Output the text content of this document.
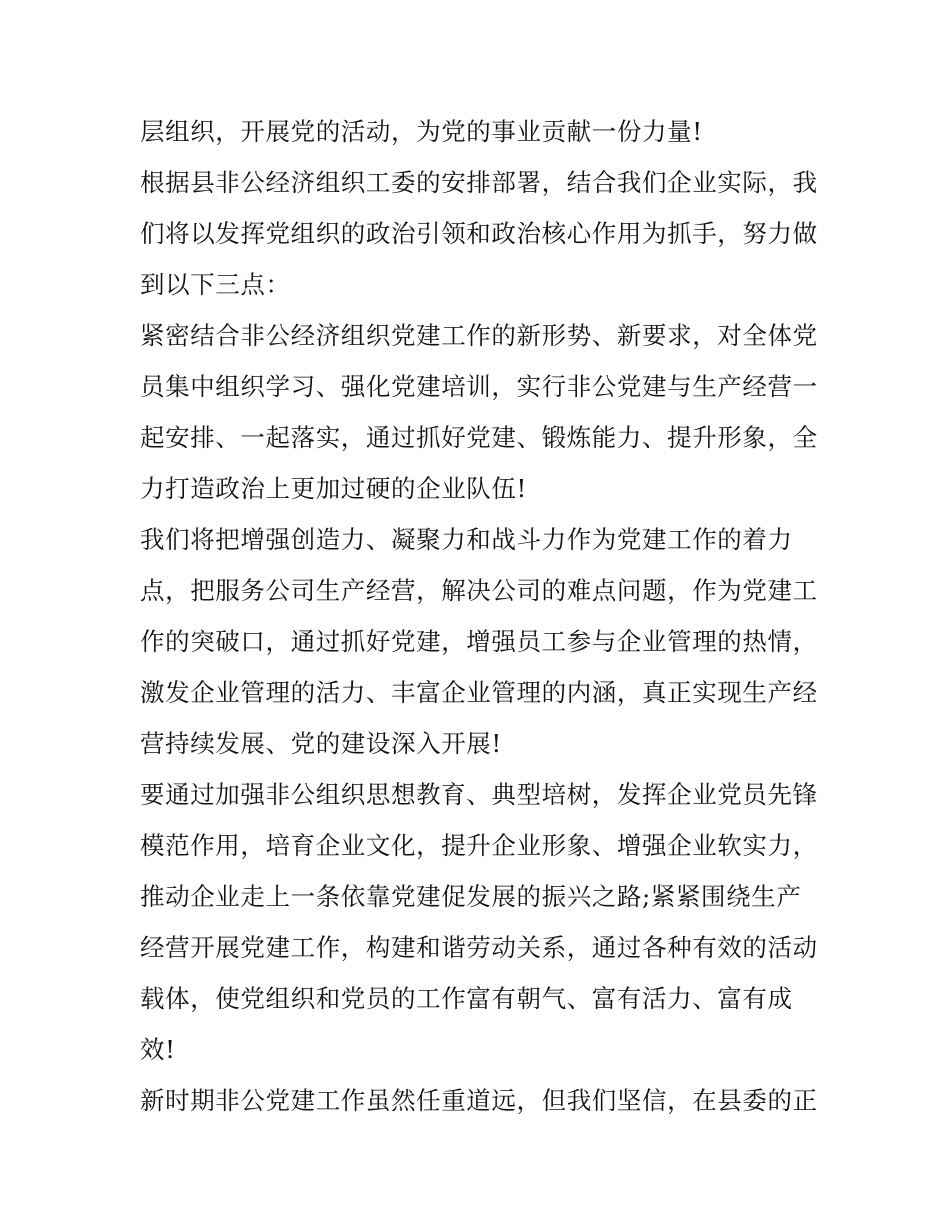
层组织，开展党的活动，为党的事业贡献一份力量!
根据县非公经济组织工委的安排部署，结合我们企业实际，我
们将以发挥党组织的政治引领和政治核心作用为抓手，努力做
到以下三点：
紧密结合非公经济组织党建工作的新形势、新要求，对全体党
员集中组织学习、强化党建培训，实行非公党建与生产经营一
起安排、一起落实，通过抓好党建、锻炼能力、提升形象，全
力打造政治上更加过硬的企业队伍!
我们将把增强创造力、凝聚力和战斗力作为党建工作的着力
点，把服务公司生产经营，解决公司的难点问题，作为党建工
作的突破口，通过抓好党建，增强员工参与企业管理的热情，
激发企业管理的活力、丰富企业管理的内涵，真正实现生产经
营持续发展、党的建设深入开展!
要通过加强非公组织思想教育、典型培树，发挥企业党员先锋
模范作用，培育企业文化，提升企业形象、增强企业软实力，
推动企业走上一条依靠党建促发展的振兴之路;紧紧围绕生产
经营开展党建工作，构建和谐劳动关系，通过各种有效的活动
载体，使党组织和党员的工作富有朝气、富有活力、富有成
效!
新时期非公党建工作虽然任重道远，但我们坚信，在县委的正
